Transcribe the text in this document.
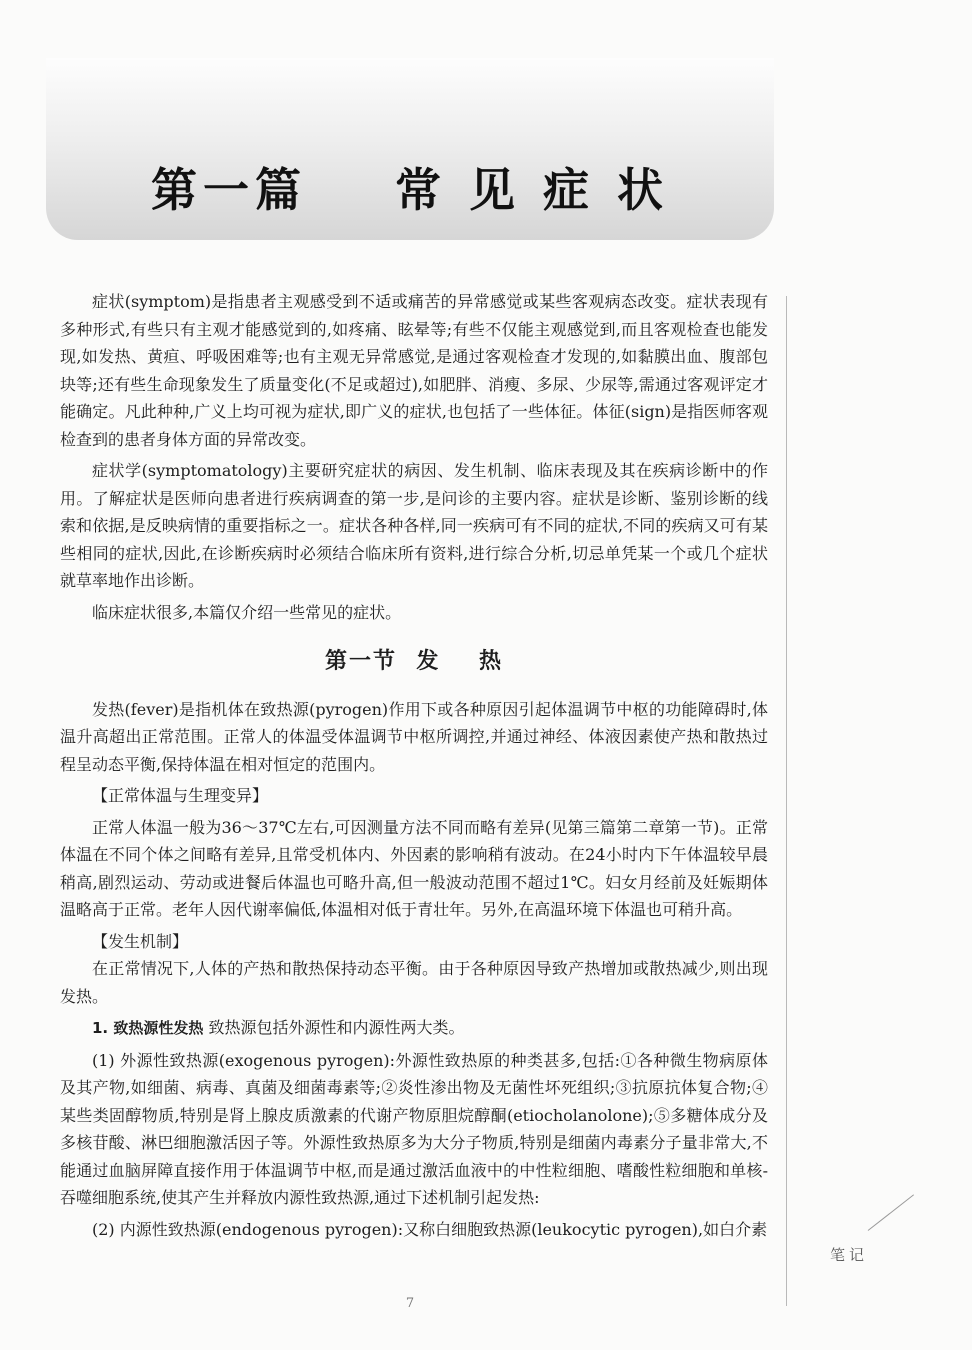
第一篇    常 见 症 状

症状(symptom)是指患者主观感受到不适或痛苦的异常感觉或某些客观病态改变。症状表现有多种形式,有些只有主观才能感觉到的,如疼痛、眩晕等;有些不仅能主观感觉到,而且客观检查也能发现,如发热、黄疸、呼吸困难等;也有主观无异常感觉,是通过客观检查才发现的,如黏膜出血、腹部包块等;还有些生命现象发生了质量变化(不足或超过),如肥胖、消瘦、多尿、少尿等,需通过客观评定才能确定。凡此种种,广义上均可视为症状,即广义的症状,也包括了一些体征。体征(sign)是指医师客观检查到的患者身体方面的异常改变。

症状学(symptomatology)主要研究症状的病因、发生机制、临床表现及其在疾病诊断中的作用。了解症状是医师向患者进行疾病调查的第一步,是问诊的主要内容。症状是诊断、鉴别诊断的线索和依据,是反映病情的重要指标之一。症状各种各样,同一疾病可有不同的症状,不同的疾病又可有某些相同的症状,因此,在诊断疾病时必须结合临床所有资料,进行综合分析,切忌单凭某一个或几个症状就草率地作出诊断。

临床症状很多,本篇仅介绍一些常见的症状。

第一节  发    热

发热(fever)是指机体在致热源(pyrogen)作用下或各种原因引起体温调节中枢的功能障碍时,体温升高超出正常范围。正常人的体温受体温调节中枢所调控,并通过神经、体液因素使产热和散热过程呈动态平衡,保持体温在相对恒定的范围内。

【正常体温与生理变异】

正常人体温一般为36～37℃左右,可因测量方法不同而略有差异(见第三篇第二章第一节)。正常体温在不同个体之间略有差异,且常受机体内、外因素的影响稍有波动。在24小时内下午体温较早晨稍高,剧烈运动、劳动或进餐后体温也可略升高,但一般波动范围不超过1℃。妇女月经前及妊娠期体温略高于正常。老年人因代谢率偏低,体温相对低于青壮年。另外,在高温环境下体温也可稍升高。

【发生机制】

在正常情况下,人体的产热和散热保持动态平衡。由于各种原因导致产热增加或散热减少,则出现发热。

1. 致热源性发热 致热源包括外源性和内源性两大类。

(1) 外源性致热源(exogenous pyrogen):外源性致热原的种类甚多,包括:①各种微生物病原体及其产物,如细菌、病毒、真菌及细菌毒素等;②炎性渗出物及无菌性坏死组织;③抗原抗体复合物;④某些类固醇物质,特别是肾上腺皮质激素的代谢产物原胆烷醇酮(etiocholanolone);⑤多糖体成分及多核苷酸、淋巴细胞激活因子等。外源性致热原多为大分子物质,特别是细菌内毒素分子量非常大,不能通过血脑屏障直接作用于体温调节中枢,而是通过激活血液中的中性粒细胞、嗜酸性粒细胞和单核-吞噬细胞系统,使其产生并释放内源性致热源,通过下述机制引起发热:

(2) 内源性致热源(endogenous pyrogen):又称白细胞致热源(leukocytic pyrogen),如白介素

笔记
7
